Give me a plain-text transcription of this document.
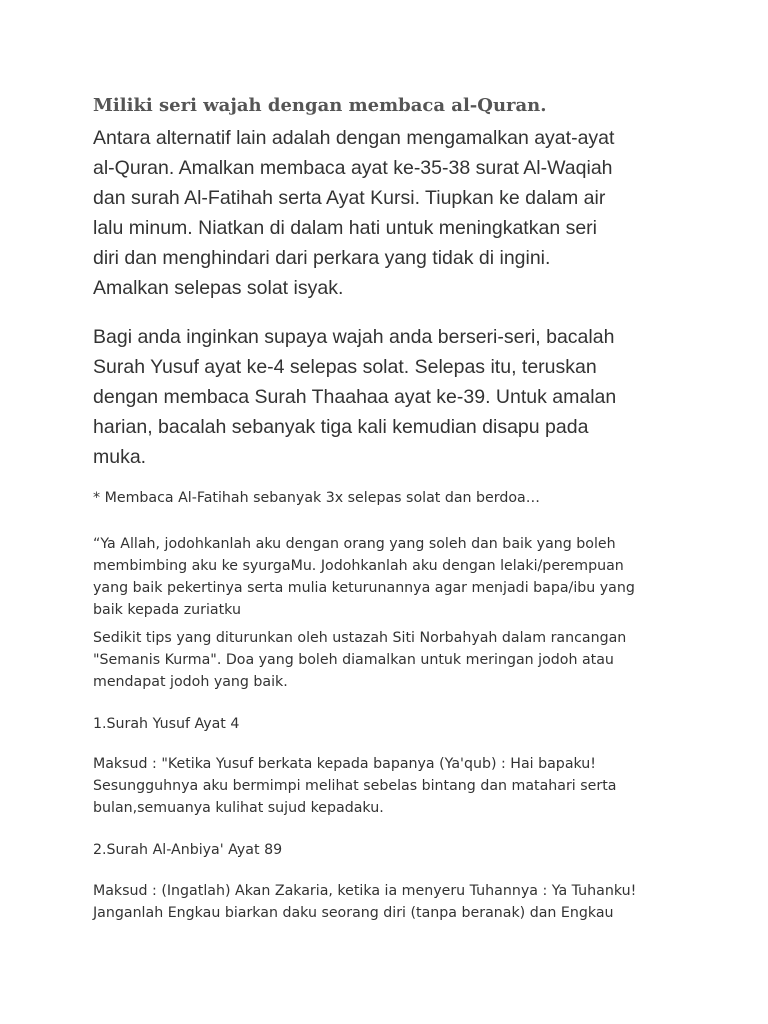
Miliki seri wajah dengan membaca al-Quran.

Antara alternatif lain adalah dengan mengamalkan ayat-ayat
al-Quran. Amalkan membaca ayat ke-35-38 surat Al-Waqiah
dan surah Al-Fatihah serta Ayat Kursi. Tiupkan ke dalam air
lalu minum. Niatkan di dalam hati untuk meningkatkan seri
diri dan menghindari dari perkara yang tidak di ingini.
Amalkan selepas solat isyak.

Bagi anda inginkan supaya wajah anda berseri-seri, bacalah
Surah Yusuf ayat ke-4 selepas solat. Selepas itu, teruskan
dengan membaca Surah Thaahaa ayat ke-39. Untuk amalan
harian, bacalah sebanyak tiga kali kemudian disapu pada
muka.

* Membaca Al-Fatihah sebanyak 3x selepas solat dan berdoa…

“Ya Allah, jodohkanlah aku dengan orang yang soleh dan baik yang boleh
membimbing aku ke syurgaMu. Jodohkanlah aku dengan lelaki/perempuan
yang baik pekertinya serta mulia keturunannya agar menjadi bapa/ibu yang
baik kepada zuriatku

Sedikit tips yang diturunkan oleh ustazah Siti Norbahyah dalam rancangan
"Semanis Kurma". Doa yang boleh diamalkan untuk meringan jodoh atau
mendapat jodoh yang baik.

1.Surah Yusuf Ayat 4

Maksud : "Ketika Yusuf berkata kepada bapanya (Ya'qub) : Hai bapaku!
Sesungguhnya aku bermimpi melihat sebelas bintang dan matahari serta
bulan,semuanya kulihat sujud kepadaku.

2.Surah Al-Anbiya' Ayat 89

Maksud : (Ingatlah) Akan Zakaria, ketika ia menyeru Tuhannya : Ya Tuhanku!
Janganlah Engkau biarkan daku seorang diri (tanpa beranak) dan Engkau
